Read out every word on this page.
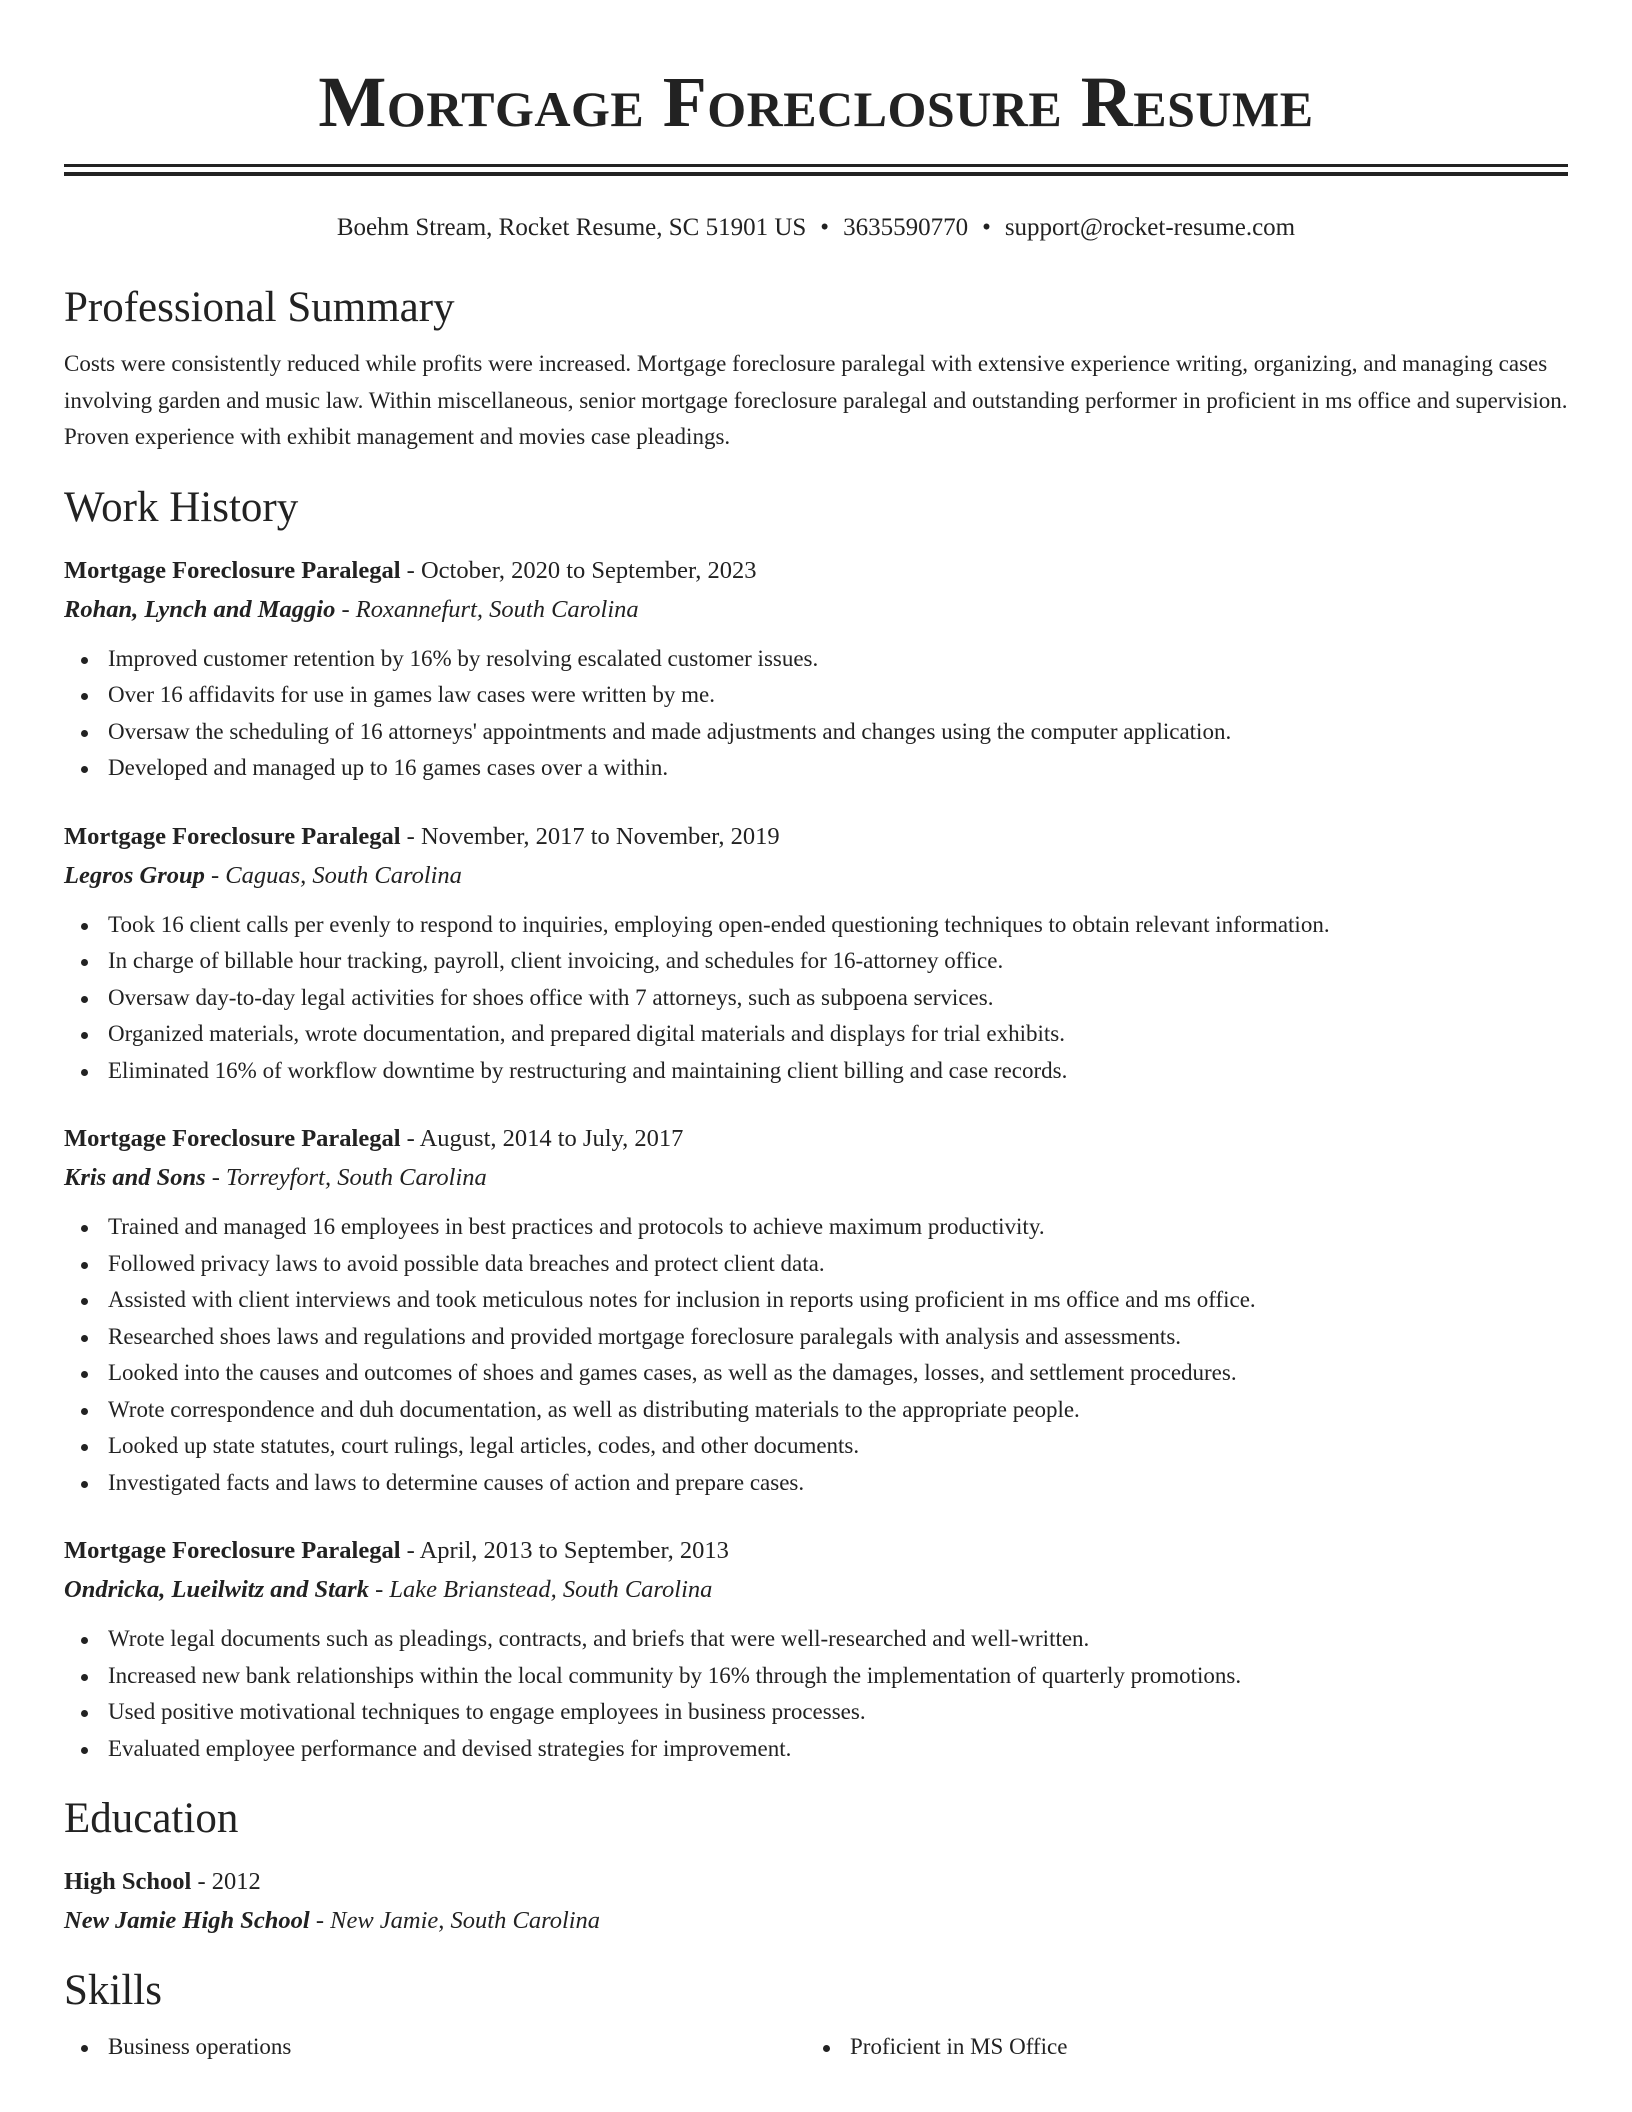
Mortgage Foreclosure Resume
Boehm Stream, Rocket Resume, SC 51901 US • 3635590770 • support@rocket-resume.com
Professional Summary
Costs were consistently reduced while profits were increased. Mortgage foreclosure paralegal with extensive experience writing, organizing, and managing cases involving garden and music law. Within miscellaneous, senior mortgage foreclosure paralegal and outstanding performer in proficient in ms office and supervision. Proven experience with exhibit management and movies case pleadings.
Work History
Mortgage Foreclosure Paralegal - October, 2020 to September, 2023
Rohan, Lynch and Maggio - Roxannefurt, South Carolina
Improved customer retention by 16% by resolving escalated customer issues.
Over 16 affidavits for use in games law cases were written by me.
Oversaw the scheduling of 16 attorneys' appointments and made adjustments and changes using the computer application.
Developed and managed up to 16 games cases over a within.
Mortgage Foreclosure Paralegal - November, 2017 to November, 2019
Legros Group - Caguas, South Carolina
Took 16 client calls per evenly to respond to inquiries, employing open-ended questioning techniques to obtain relevant information.
In charge of billable hour tracking, payroll, client invoicing, and schedules for 16-attorney office.
Oversaw day-to-day legal activities for shoes office with 7 attorneys, such as subpoena services.
Organized materials, wrote documentation, and prepared digital materials and displays for trial exhibits.
Eliminated 16% of workflow downtime by restructuring and maintaining client billing and case records.
Mortgage Foreclosure Paralegal - August, 2014 to July, 2017
Kris and Sons - Torreyfort, South Carolina
Trained and managed 16 employees in best practices and protocols to achieve maximum productivity.
Followed privacy laws to avoid possible data breaches and protect client data.
Assisted with client interviews and took meticulous notes for inclusion in reports using proficient in ms office and ms office.
Researched shoes laws and regulations and provided mortgage foreclosure paralegals with analysis and assessments.
Looked into the causes and outcomes of shoes and games cases, as well as the damages, losses, and settlement procedures.
Wrote correspondence and duh documentation, as well as distributing materials to the appropriate people.
Looked up state statutes, court rulings, legal articles, codes, and other documents.
Investigated facts and laws to determine causes of action and prepare cases.
Mortgage Foreclosure Paralegal - April, 2013 to September, 2013
Ondricka, Lueilwitz and Stark - Lake Brianstead, South Carolina
Wrote legal documents such as pleadings, contracts, and briefs that were well-researched and well-written.
Increased new bank relationships within the local community by 16% through the implementation of quarterly promotions.
Used positive motivational techniques to engage employees in business processes.
Evaluated employee performance and devised strategies for improvement.
Education
High School - 2012
New Jamie High School - New Jamie, South Carolina
Skills
Business operations	Proficient in MS Office
